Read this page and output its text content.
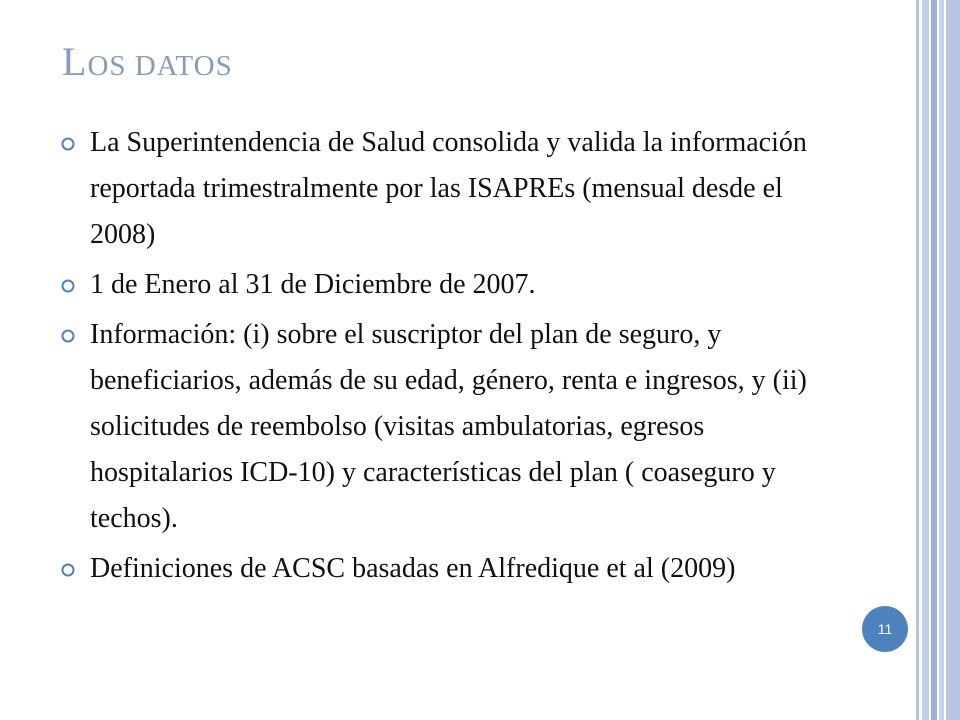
LOS DATOS
La Superintendencia de Salud consolida y valida la información reportada trimestralmente por las ISAPREs (mensual desde el 2008)
1 de Enero al 31 de Diciembre de 2007.
Información: (i) sobre el suscriptor del plan de seguro, y beneficiarios, además de su edad, género, renta e ingresos, y (ii) solicitudes de reembolso (visitas ambulatorias, egresos hospitalarios ICD-10) y características del plan ( coaseguro y techos).
Definiciones de ACSC basadas en Alfredique et al (2009)
11
